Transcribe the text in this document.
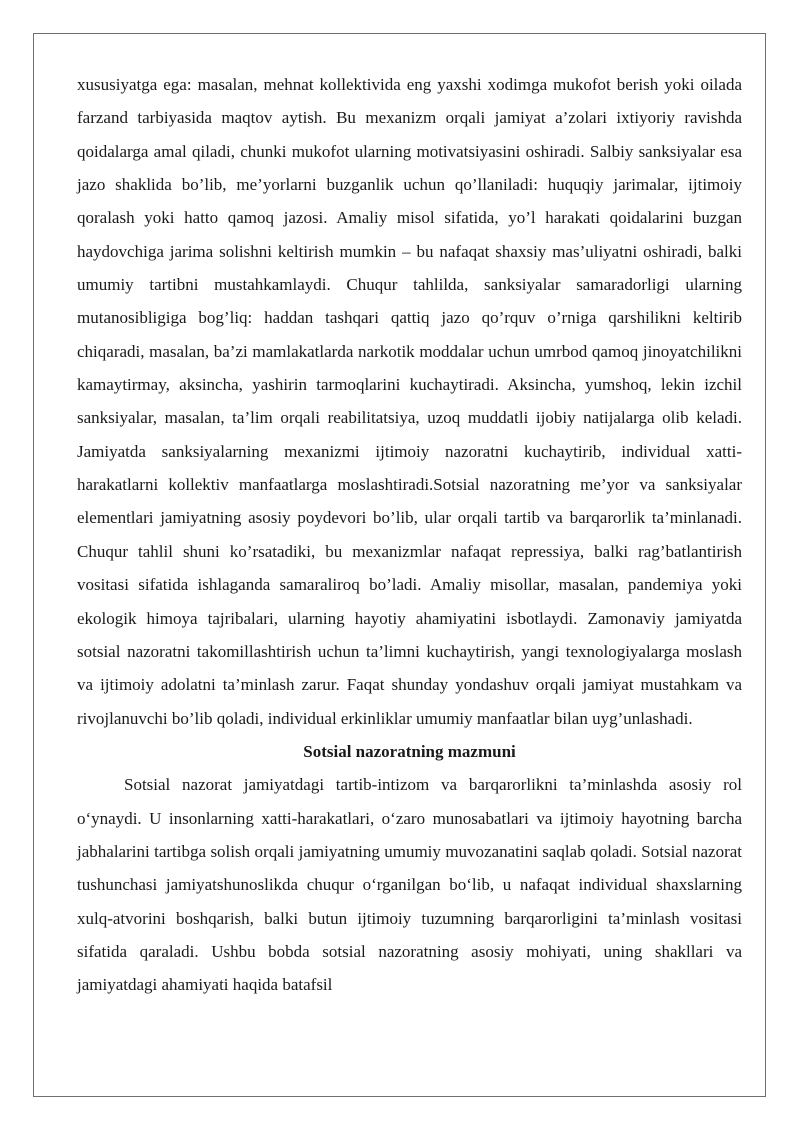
xususiyatga ega: masalan, mehnat kollektivida eng yaxshi xodimga mukofot berish yoki oilada farzand tarbiyasida maqtov aytish. Bu mexanizm orqali jamiyat a’zolari ixtiyoriy ravishda qoidalarga amal qiladi, chunki mukofot ularning motivatsiyasini oshiradi. Salbiy sanksiyalar esa jazo shaklida bo’lib, me’yorlarni buzganlik uchun qo’llaniladi: huquqiy jarimalar, ijtimoiy qoralash yoki hatto qamoq jazosi. Amaliy misol sifatida, yo’l harakati qoidalarini buzgan haydovchiga jarima solishni keltirish mumkin – bu nafaqat shaxsiy mas’uliyatni oshiradi, balki umumiy tartibni mustahkamlaydi. Chuqur tahlilda, sanksiyalar samaradorligi ularning mutanosibligiga bog’liq: haddan tashqari qattiq jazo qo’rquv o’rniga qarshilikni keltirib chiqaradi, masalan, ba’zi mamlakatlarda narkotik moddalar uchun umrbod qamoq jinoyatchilikni kamaytirmay, aksincha, yashirin tarmoqlarini kuchaytiradi. Aksincha, yumshoq, lekin izchil sanksiyalar, masalan, ta’lim orqali reabilitatsiya, uzoq muddatli ijobiy natijalarga olib keladi. Jamiyatda sanksiyalarning mexanizmi ijtimoiy nazoratni kuchaytirib, individual xatti-harakatlarni kollektiv manfaatlarga moslashtiradi.Sotsial nazoratning me’yor va sanksiyalar elementlari jamiyatning asosiy poydevori bo’lib, ular orqali tartib va barqarorlik ta’minlanadi. Chuqur tahlil shuni ko’rsatadiki, bu mexanizmlar nafaqat repressiya, balki rag’batlantirish vositasi sifatida ishlaganda samaraliroq bo’ladi. Amaliy misollar, masalan, pandemiya yoki ekologik himoya tajribalari, ularning hayotiy ahamiyatini isbotlaydi. Zamonaviy jamiyatda sotsial nazoratni takomillashtirish uchun ta’limni kuchaytirish, yangi texnologiyalarga moslash va ijtimoiy adolatni ta’minlash zarur. Faqat shunday yondashuv orqali jamiyat mustahkam va rivojlanuvchi bo’lib qoladi, individual erkinliklar umumiy manfaatlar bilan uyg’unlashadi.

Sotsial nazoratning mazmuni

Sotsial nazorat jamiyatdagi tartib-intizom va barqarorlikni ta’minlashda asosiy rol o‘ynaydi. U insonlarning xatti-harakatlari, o‘zaro munosabatlari va ijtimoiy hayotning barcha jabhalarini tartibga solish orqali jamiyatning umumiy muvozanatini saqlab qoladi. Sotsial nazorat tushunchasi jamiyatshunoslikda chuqur o‘rganilgan bo‘lib, u nafaqat individual shaxslarning xulq-atvorini boshqarish, balki butun ijtimoiy tuzumning barqarorligini ta’minlash vositasi sifatida qaraladi. Ushbu bobda sotsial nazoratning asosiy mohiyati, uning shakllari va jamiyatdagi ahamiyati haqida batafsil
